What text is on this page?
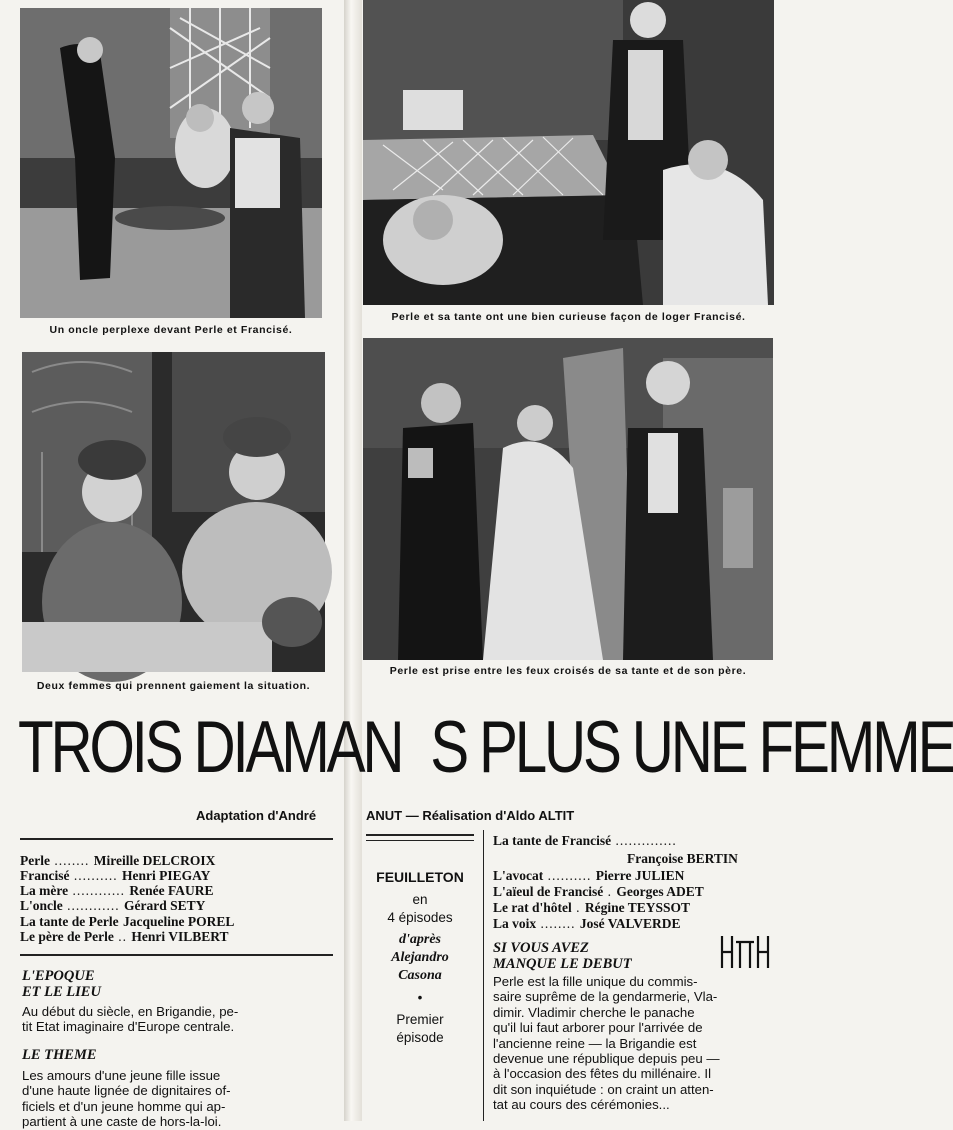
Un oncle perplexe devant Perle et Francisé.
Perle et sa tante ont une bien curieuse façon de loger Francisé.
Deux femmes qui prennent gaiement la situation.
Perle est prise entre les feux croisés de sa tante et de son père.
TROIS DIAMAN S PLUS UNE FEMME
Adaptation d'André	ANUT — Réalisation d'Aldo ALTIT
Perle ........ Mireille DELCROIX
Francisé .......... Henri PIEGAY
La mère ............ Renée FAURE
L'oncle ............ Gérard SETY
La tante de Perle Jacqueline POREL
Le père de Perle .. Henri VILBERT
L'EPOQUE
ET LE LIEU
Au début du siècle, en Brigandie, pe-
tit Etat imaginaire d'Europe centrale.
LE THEME
Les amours d'une jeune fille issue
d'une haute lignée de dignitaires of-
ficiels et d'un jeune homme qui ap-
partient à une caste de hors-la-loi.
FEUILLETON
en
4 épisodes
d'après
Alejandro
Casona
•
Premier
épisode
La tante de Francisé ..............
Françoise BERTIN
L'avocat .......... Pierre JULIEN
L'aïeul de Francisé . Georges ADET
Le rat d'hôtel . Régine TEYSSOT
La voix ........ José VALVERDE
SI VOUS AVEZ
MANQUE LE DEBUT
Perle est la fille unique du commis-
saire suprême de la gendarmerie, Vla-
dimir. Vladimir cherche le panache
qu'il lui faut arborer pour l'arrivée de
l'ancienne reine — la Brigandie est
devenue une république depuis peu —
à l'occasion des fêtes du millénaire. Il
dit son inquiétude : on craint un atten-
tat au cours des cérémonies...
